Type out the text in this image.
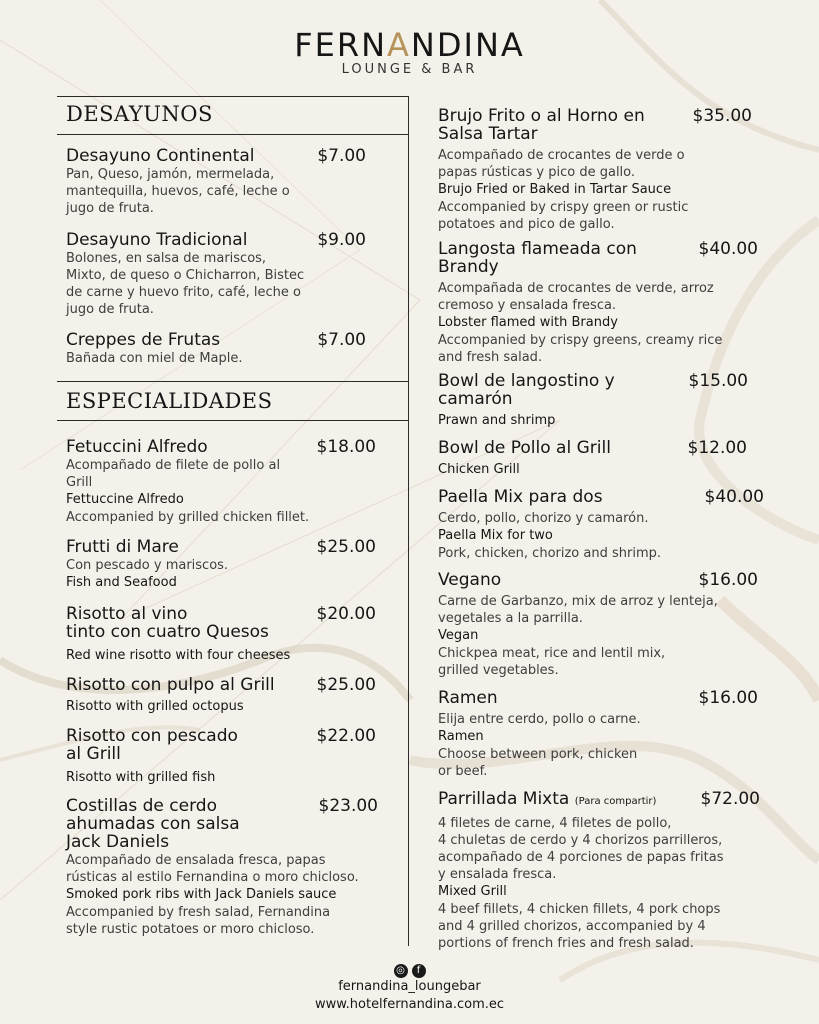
FERNANDINA
LOUNGE & BAR
DESAYUNOS
ESPECIALIDADES
Desayuno Continental	$7.00
Pan, Queso, jamón, mermelada,
mantequilla, huevos, café, leche o
jugo de fruta.
Desayuno Tradicional	$9.00
Bolones, en salsa de mariscos,
Mixto, de queso o Chicharron, Bistec
de carne y huevo frito, café, leche o
jugo de fruta.
Creppes de Frutas	$7.00
Bañada con miel de Maple.
Fetuccini Alfredo	$18.00
Acompañado de filete de pollo al
Grill
Fettuccine Alfredo
Accompanied by grilled chicken fillet.
Frutti di Mare	$25.00
Con pescado y mariscos.
Fish and Seafood
Risotto al vino
tinto con cuatro Quesos
$20.00
Red wine risotto with four cheeses
Risotto con pulpo al Grill $25.00
Risotto with grilled octopus
Risotto con pescado
al Grill
$22.00
Risotto with grilled fish
Costillas de cerdo
ahumadas con salsa
Jack Daniels
$23.00
Acompañado de ensalada fresca, papas
rústicas al estilo Fernandina o moro chicloso.
Smoked pork ribs with Jack Daniels sauce
Accompanied by fresh salad, Fernandina
style rustic potatoes or moro chicloso.
Brujo Frito o al Horno en
Salsa Tartar
$35.00
Acompañado de crocantes de verde o
papas rústicas y pico de gallo.
Brujo Fried or Baked in Tartar Sauce
Accompanied by crispy green or rustic
potatoes and pico de gallo.
Langosta flameada con
Brandy
$40.00
Acompañada de crocantes de verde, arroz
cremoso y ensalada fresca.
Lobster flamed with Brandy
Accompanied by crispy greens, creamy rice
and fresh salad.
Bowl de langostino y
camarón
$15.00
Prawn and shrimp
Bowl de Pollo al Grill	$12.00
Chicken Grill
Paella Mix para dos	$40.00
Cerdo, pollo, chorizo y camarón.
Paella Mix for two
Pork, chicken, chorizo and shrimp.
Vegano	$16.00
Carne de Garbanzo, mix de arroz y lenteja,
vegetales a la parrilla.
Vegan
Chickpea meat, rice and lentil mix,
grilled vegetables.
Ramen	$16.00
Elija entre cerdo, pollo o carne.
Ramen
Choose between pork, chicken
or beef.
Parrillada Mixta (Para compartir)	$72.00
4 filetes de carne, 4 filetes de pollo,
4 chuletas de cerdo y 4 chorizos parrilleros,
acompañado de 4 porciones de papas fritas
y ensalada fresca.
Mixed Grill
4 beef fillets, 4 chicken fillets, 4 pork chops
and 4 grilled chorizos, accompanied by 4
portions of french fries and fresh salad.
◎	f
fernandina_loungebar
www.hotelfernandina.com.ec
